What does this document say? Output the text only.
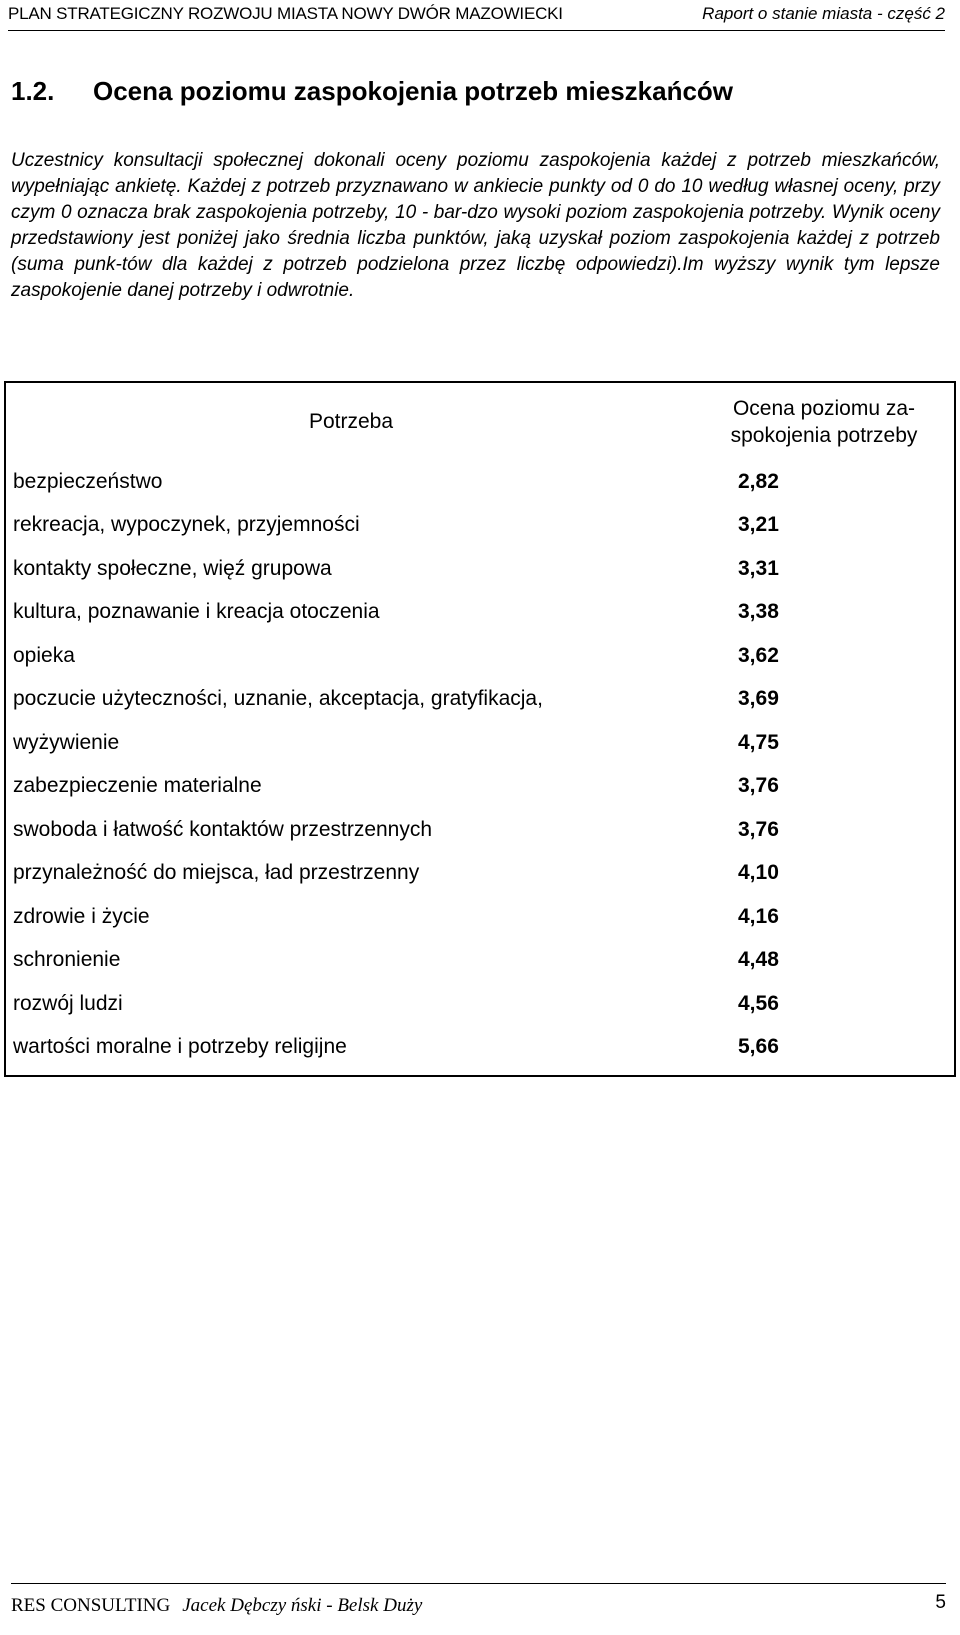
PLAN STRATEGICZNY ROZWOJU MIASTA NOWY DWÓR MAZOWIECKI	Raport o stanie miasta - część 2
1.2. Ocena poziomu zaspokojenia potrzeb mieszkańców
Uczestnicy konsultacji społecznej dokonali oceny poziomu zaspokojenia każdej z potrzeb mieszkańców, wypełniając ankietę. Każdej z potrzeb przyznawano w ankiecie punkty od 0 do 10 według własnej oceny, przy czym 0 oznacza brak zaspokojenia potrzeby, 10 - bar-dzo wysoki poziom zaspokojenia potrzeby. Wynik oceny przedstawiony jest poniżej jako średnia liczba punktów, jaką uzyskał poziom zaspokojenia każdej z potrzeb (suma punk-tów dla każdej z potrzeb podzielona przez liczbę odpowiedzi).Im wyższy wynik tym lepsze zaspokojenie danej potrzeby i odwrotnie.
Potrzeba	Ocena poziomu za-
spokojenia potrzeby
bezpieczeństwo	2,82
rekreacja, wypoczynek, przyjemności	3,21
kontakty społeczne, więź grupowa	3,31
kultura, poznawanie i kreacja otoczenia	3,38
opieka	3,62
poczucie użyteczności, uznanie, akceptacja, gratyfikacja,	3,69
wyżywienie	4,75
zabezpieczenie materialne	3,76
swoboda i łatwość kontaktów przestrzennych	3,76
przynależność do miejsca, ład przestrzenny	4,10
zdrowie i życie	4,16
schronienie	4,48
rozwój ludzi	4,56
wartości moralne i potrzeby religijne	5,66
RES CONSULTING Jacek Dębczy ński - Belsk Duży	5
